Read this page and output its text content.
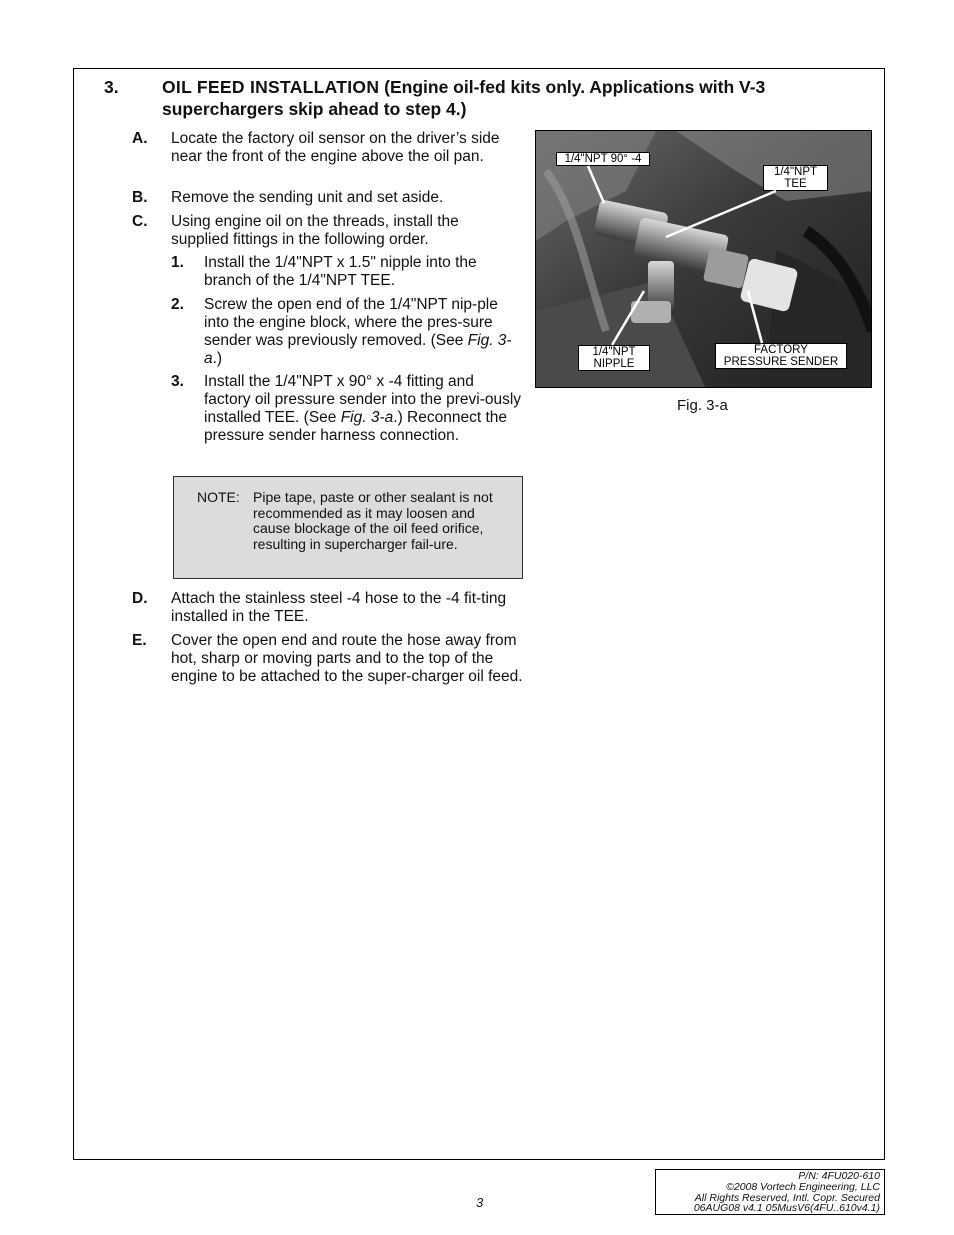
3. OIL FEED INSTALLATION (Engine oil-fed kits only. Applications with V-3 superchargers skip ahead to step 4.)
A. Locate the factory oil sensor on the driver’s side near the front of the engine above the oil pan.
B. Remove the sending unit and set aside.
C. Using engine oil on the threads, install the supplied fittings in the following order.
1. Install the 1/4"NPT x 1.5" nipple into the branch of the 1/4"NPT TEE.
2. Screw the open end of the 1/4"NPT nip-ple into the engine block, where the pres-sure sender was previously removed. (See Fig. 3-a.)
3. Install the 1/4"NPT x 90° x -4 fitting and factory oil pressure sender into the previ-ously installed TEE. (See Fig. 3-a.) Reconnect the pressure sender harness connection.
NOTE: Pipe tape, paste or other sealant is not recommended as it may loosen and cause blockage of the oil feed orifice, resulting in supercharger fail-ure.
D. Attach the stainless steel -4 hose to the -4 fit-ting installed in the TEE.
E. Cover the open end and route the hose away from hot, sharp or moving parts and to the top of the engine to be attached to the super-charger oil feed.
1/4"NPT 90° -4
1/4"NPT
TEE
1/4"NPT
NIPPLE
FACTORY
PRESSURE SENDER
Fig. 3-a
3
P/N: 4FU020-610
©2008 Vortech Engineering, LLC
All Rights Reserved, Intl. Copr. Secured
06AUG08 v4.1 05MusV6(4FU..610v4.1)
